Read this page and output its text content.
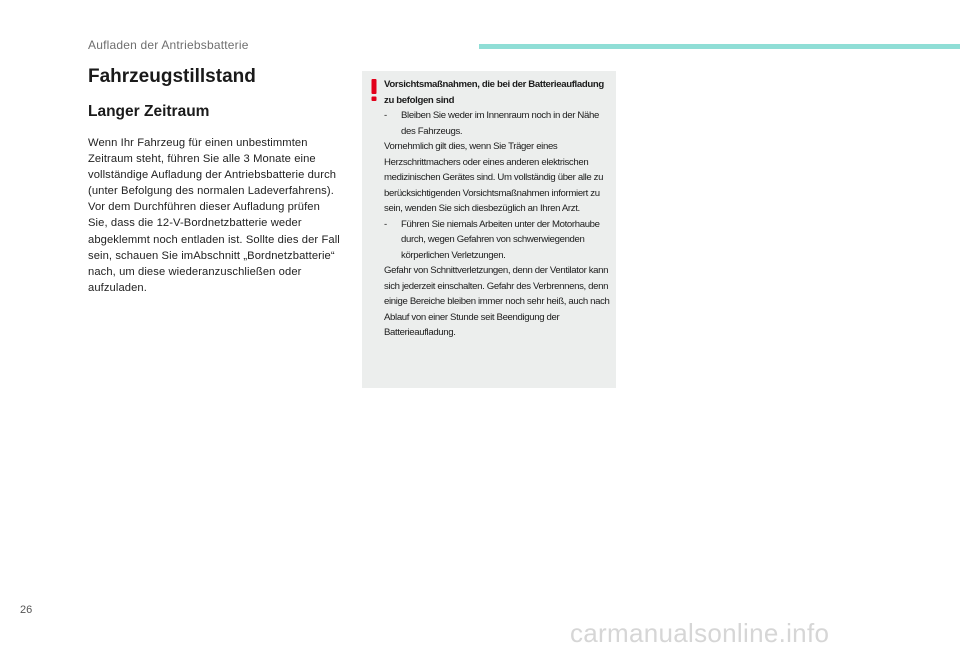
Aufladen der Antriebsbatterie
Fahrzeugstillstand
Langer Zeitraum

Wenn Ihr Fahrzeug für einen unbestimmten Zeitraum steht, führen Sie alle 3 Monate eine vollständige Aufladung der Antriebsbatterie durch (unter Befolgung des normalen Ladeverfahrens). Vor dem Durchführen dieser Aufladung prüfen Sie, dass die 12-V-Bordnetzbatterie weder abgeklemmt noch entladen ist. Sollte dies der Fall sein, schauen Sie imAbschnitt „Bordnetzbatterie“ nach, um diese wiederanzuschließen oder aufzuladen.

Vorsichtsmaßnahmen, die bei der Batterieaufladung zu befolgen sind

- Bleiben Sie weder im Innenraum noch in der Nähe des Fahrzeugs.

Vornehmlich gilt dies, wenn Sie Träger eines Herzschrittmachers oder eines anderen elektrischen medizinischen Gerätes sind. Um vollständig über alle zu berücksichtigenden Vorsichtsmaßnahmen informiert zu sein, wenden Sie sich diesbezüglich an Ihren Arzt.

- Führen Sie niemals Arbeiten unter der Motorhaube durch, wegen Gefahren von schwerwiegenden körperlichen Verletzungen.

Gefahr von Schnittverletzungen, denn der Ventilator kann sich jederzeit einschalten. Gefahr des Verbrennens, denn einige Bereiche bleiben immer noch sehr heiß, auch nach Ablauf von einer Stunde seit Beendigung der Batterieaufladung.

26
carmanualsonline.info
